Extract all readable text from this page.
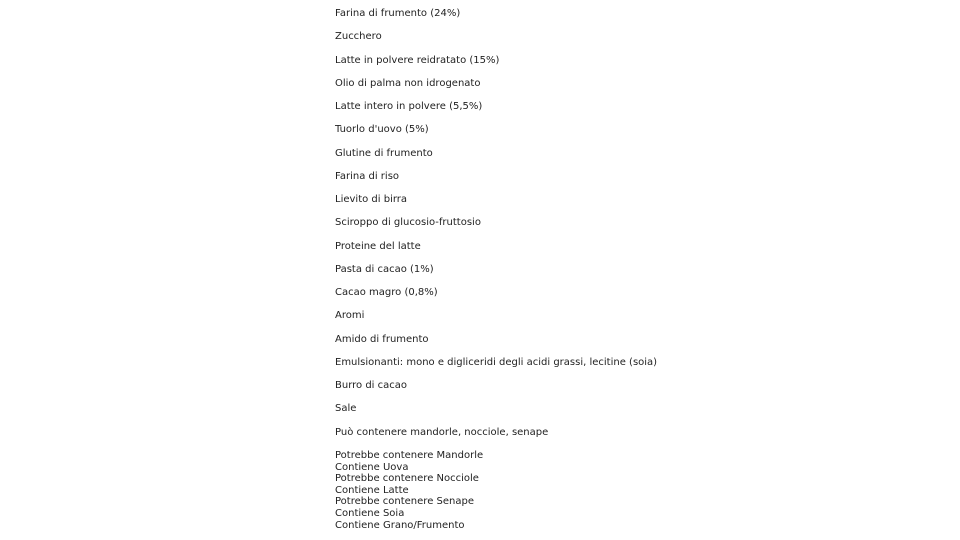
Farina di frumento (24%)
Zucchero
Latte in polvere reidratato (15%)
Olio di palma non idrogenato
Latte intero in polvere (5,5%)
Tuorlo d'uovo (5%)
Glutine di frumento
Farina di riso
Lievito di birra
Sciroppo di glucosio-fruttosio
Proteine del latte
Pasta di cacao (1%)
Cacao magro (0,8%)
Aromi
Amido di frumento
Emulsionanti: mono e digliceridi degli acidi grassi, lecitine (soia)
Burro di cacao
Sale
Può contenere mandorle, nocciole, senape
Potrebbe contenere Mandorle
Contiene Uova
Potrebbe contenere Nocciole
Contiene Latte
Potrebbe contenere Senape
Contiene Soia
Contiene Grano/Frumento
